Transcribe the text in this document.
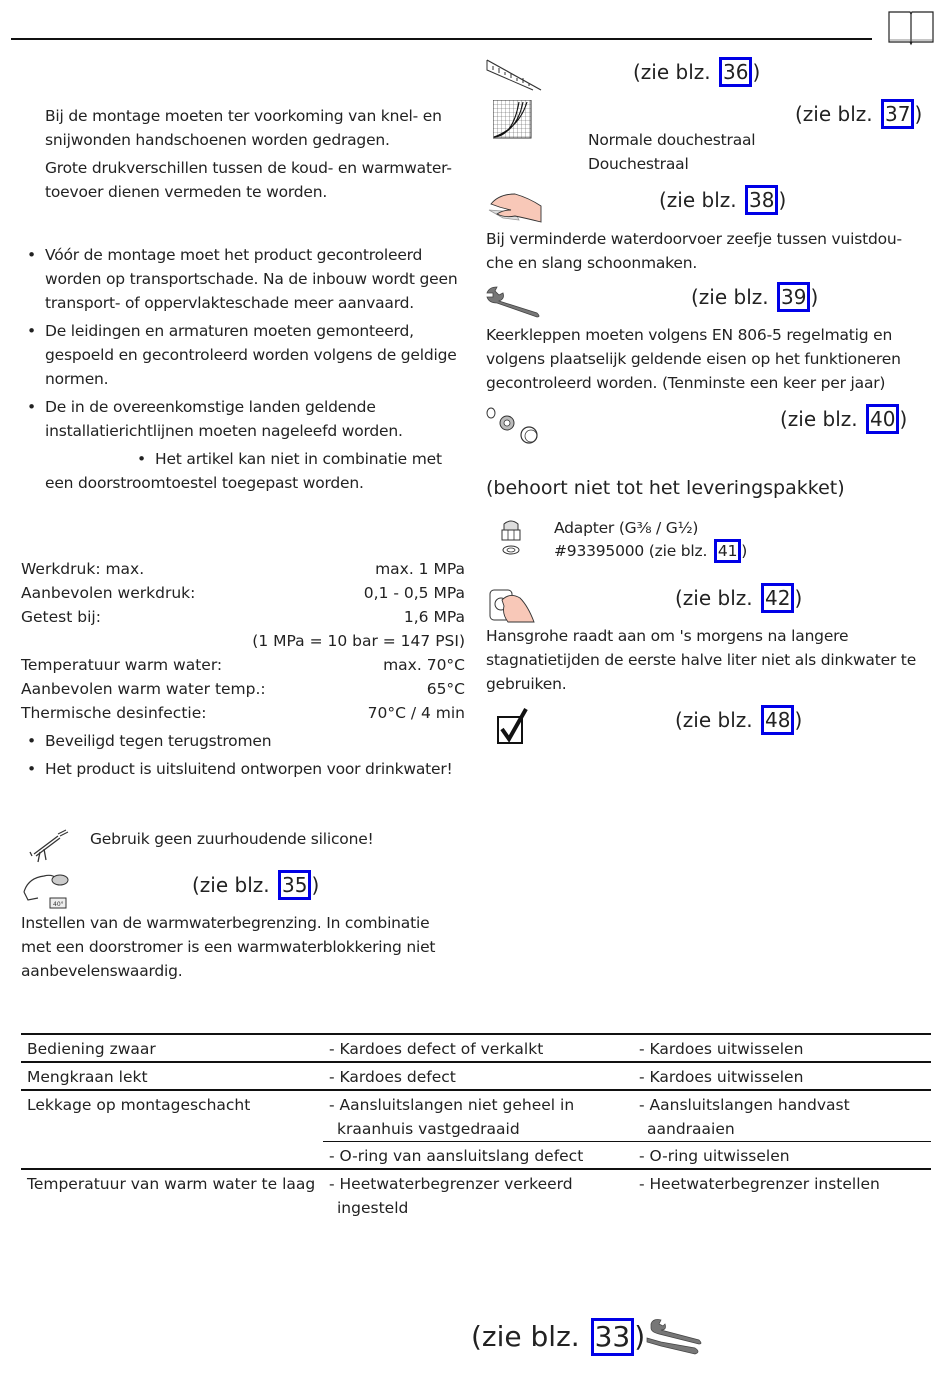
Bij de montage moeten ter voorkoming van knel- en snijwonden handschoenen worden gedragen.
Grote drukverschillen tussen de koud- en warmwater-toevoer dienen vermeden te worden.
• Vóór de montage moet het product gecontroleerd worden op transportschade. Na de inbouw wordt geen transport- of oppervlakteschade meer aanvaard.
• De leidingen en armaturen moeten gemonteerd, gespoeld en gecontroleerd worden volgens de geldige normen.
• De in de overeenkomstige landen geldende installatierichtlijnen moeten nageleefd worden.
• Het artikel kan niet in combinatie met een doorstroomtoestel toegepast worden.
Werkdruk: max.	max. 1 MPa
Aanbevolen werkdruk:	0,1 - 0,5 MPa
Getest bij:	1,6 MPa
(1 MPa = 10 bar = 147 PSI)
Temperatuur warm water:	max. 70°C
Aanbevolen warm water temp.:	65°C
Thermische desinfectie:	70°C / 4 min
• Beveiligd tegen terugstromen
• Het product is uitsluitend ontworpen voor drinkwater!
Gebruik geen zuurhoudende silicone!
40°
(zie blz. 35 )
Instellen van de warmwaterbegrenzing. In combinatie met een doorstromer is een warmwaterblokkering niet aanbevelenswaardig.
(zie blz. 36 )
(zie blz. 37 )
Normale douchestraal
Douchestraal
(zie blz. 38 )
Bij verminderde waterdoorvoer zeefje tussen vuistdou-che en slang schoonmaken.
(zie blz. 39 )
Keerkleppen moeten volgens EN 806-5 regelmatig en volgens plaatselijk geldende eisen op het funktioneren gecontroleerd worden. (Tenminste een keer per jaar)
(zie blz. 40 )
(behoort niet tot het leveringspakket)
Adapter (G⅜ / G½)
#93395000 (zie blz. 41 )
(zie blz. 42 )
Hansgrohe raadt aan om 's morgens na langere stagnatietijden de eerste halve liter niet als dinkwater te gebruiken.
(zie blz. 48 )
Bediening zwaar	- Kardoes defect of verkalkt	- Kardoes uitwisselen
Mengkraan lekt	- Kardoes defect	- Kardoes uitwisselen
Lekkage op montageschacht	- Aansluitslangen niet geheel in kraanhuis vastgedraaid	- Aansluitslangen handvast aandraaien
	- O-ring van aansluitslang defect	- O-ring uitwisselen
Temperatuur van warm water te laag	- Heetwaterbegrenzer verkeerd ingesteld	- Heetwaterbegrenzer instellen
(zie blz. 33 )
